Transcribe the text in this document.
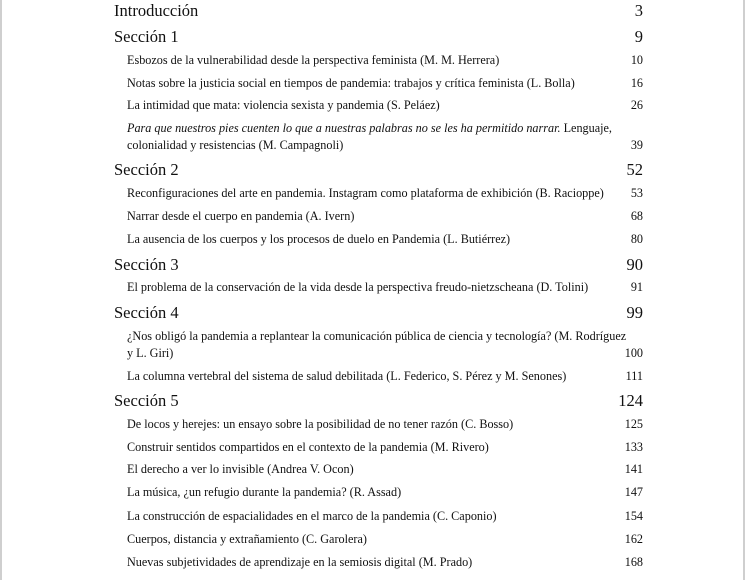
Introducción	3
Sección 1	9
Esbozos de la vulnerabilidad desde la perspectiva feminista (M. M. Herrera)	10
Notas sobre la justicia social en tiempos de pandemia: trabajos y crítica feminista (L. Bolla)	16
La intimidad que mata: violencia sexista y pandemia (S. Peláez)	26
Para que nuestros pies cuenten lo que a nuestras palabras no se les ha permitido narrar. Lenguaje,
colonialidad y resistencias (M. Campagnoli)	39
Sección 2	52
Reconfiguraciones del arte en pandemia. Instagram como plataforma de exhibición (B. Racioppe) 53
Narrar desde el cuerpo en pandemia (A. Ivern)	68
La ausencia de los cuerpos y los procesos de duelo en Pandemia (L. Butiérrez)	80
Sección 3	90
El problema de la conservación de la vida desde la perspectiva freudo-nietzscheana (D. Tolini)	91
Sección 4	99
¿Nos obligó la pandemia a replantear la comunicación pública de ciencia y tecnología? (M. Rodríguez
y L. Giri)	100
La columna vertebral del sistema de salud debilitada (L. Federico, S. Pérez y M. Senones)	111
Sección 5	124
De locos y herejes: un ensayo sobre la posibilidad de no tener razón (C. Bosso)	125
Construir sentidos compartidos en el contexto de la pandemia (M. Rivero)	133
El derecho a ver lo invisible (Andrea V. Ocon)	141
La música, ¿un refugio durante la pandemia? (R. Assad)	147
La construcción de espacialidades en el marco de la pandemia (C. Caponio)	154
Cuerpos, distancia y extrañamiento (C. Garolera)	162
Nuevas subjetividades de aprendizaje en la semiosis digital (M. Prado)	168
